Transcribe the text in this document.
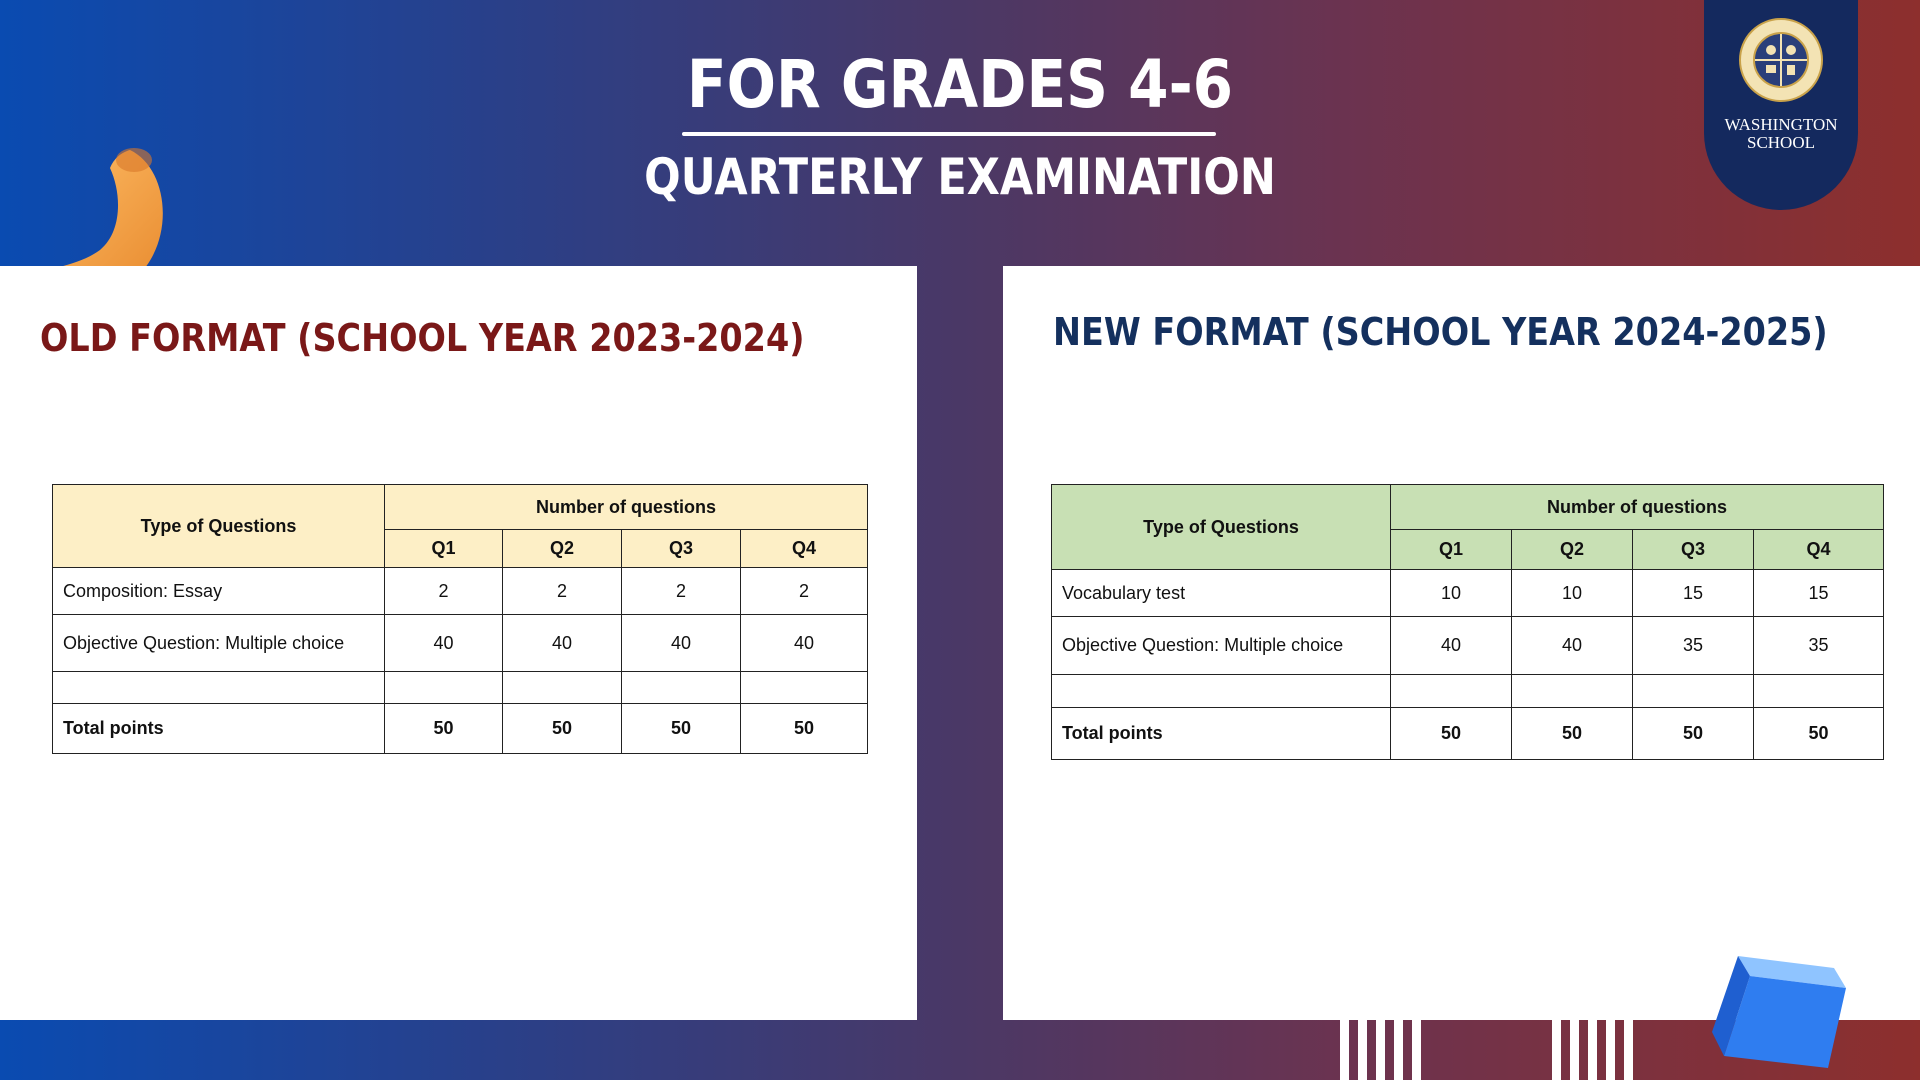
FOR GRADES 4-6
QUARTERLY EXAMINATION
WASHINGTON
SCHOOL
OLD FORMAT (SCHOOL YEAR 2023-2024)
Type of Questions	Number of questions			
	Q1	Q2	Q3	Q4
Composition: Essay	2	2	2	2
Objective Question: Multiple choice	40	40	40	40

Total points	50	50	50	50
NEW FORMAT (SCHOOL YEAR 2024-2025)
Type of Questions	Number of questions			
	Q1	Q2	Q3	Q4
Vocabulary test	10	10	15	15
Objective Question: Multiple choice	40	40	35	35

Total points	50	50	50	50
